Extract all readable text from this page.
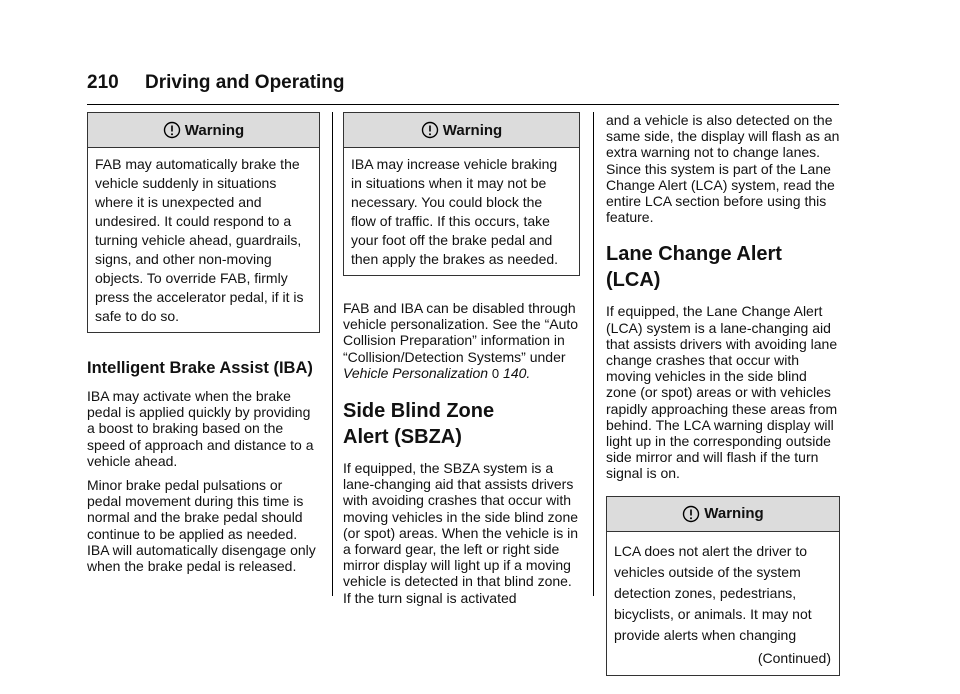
210 Driving and Operating
Warning

FAB may automatically brake the

vehicle suddenly in situations

where it is unexpected and

undesired. It could respond to a

turning vehicle ahead, guardrails,

signs, and other non-moving

objects. To override FAB, firmly

press the accelerator pedal, if it is

safe to do so.

Intelligent Brake Assist (IBA)

IBA may activate when the brake pedal is applied quickly by providing a boost to braking based on the speed of approach and distance to a vehicle ahead.

Minor brake pedal pulsations or pedal movement during this time is normal and the brake pedal should continue to be applied as needed. IBA will automatically disengage only when the brake pedal is released.

Warning

IBA may increase vehicle braking

in situations when it may not be

necessary. You could block the

flow of traffic. If this occurs, take

your foot off the brake pedal and

then apply the brakes as needed.

FAB and IBA can be disabled through vehicle personalization. See the “Auto Collision Preparation” information in “Collision/Detection Systems” under Vehicle Personalization 0 140.

Side Blind Zone
Alert (SBZA)

If equipped, the SBZA system is a lane-changing aid that assists drivers with avoiding crashes that occur with moving vehicles in the side blind zone (or spot) areas. When the vehicle is in a forward gear, the left or right side mirror display will light up if a moving vehicle is detected in that blind zone. If the turn signal is activated

and a vehicle is also detected on the same side, the display will flash as an extra warning not to change lanes. Since this system is part of the Lane Change Alert (LCA) system, read the entire LCA section before using this feature.

Lane Change Alert (LCA)

If equipped, the Lane Change Alert (LCA) system is a lane-changing aid that assists drivers with avoiding lane change crashes that occur with moving vehicles in the side blind zone (or spot) areas or with vehicles rapidly approaching these areas from behind. The LCA warning display will light up in the corresponding outside side mirror and will flash if the turn signal is on.

Warning

LCA does not alert the driver to

vehicles outside of the system

detection zones, pedestrians,

bicyclists, or animals. It may not

provide alerts when changing

(Continued)
